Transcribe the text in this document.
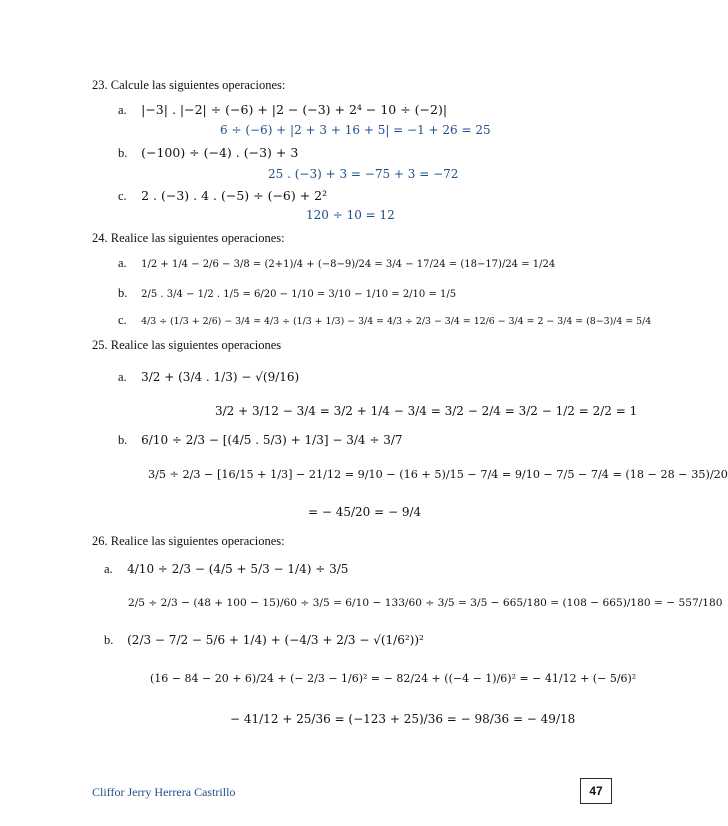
23. Calcule las siguientes operaciones:
a. |−3| . |−2| ÷ (−6) + |2 − (−3) + 2⁴ − 10 ÷ (−2)|
6 ÷ (−6) + |2 + 3 + 16 + 5| = −1 + 26 = 25
b. (−100) ÷ (−4) . (−3) + 3
25 . (−3) + 3 = −75 + 3 = −72
c. 2 . (−3) . 4 . (−5) ÷ (−6) + 2²
120 ÷ 10 = 12
24. Realice las siguientes operaciones:
a. 1/2 + 1/4 − 2/6 − 3/8 = (2+1)/4 + (−8−9)/24 = 3/4 − 17/24 = (18−17)/24 = 1/24
b. 2/5 . 3/4 − 1/2 . 1/5 = 6/20 − 1/10 = 3/10 − 1/10 = 2/10 = 1/5
c. 4/3 ÷ (1/3 + 2/6) − 3/4 = 4/3 ÷ (1/3 + 1/3) − 3/4 = 4/3 ÷ 2/3 − 3/4 = 12/6 − 3/4 = 2 − 3/4 = (8−3)/4 = 5/4
25. Realice las siguientes operaciones
a. 3/2 + (3/4 . 1/3) − √(9/16)
3/2 + 3/12 − 3/4 = 3/2 + 1/4 − 3/4 = 3/2 − 2/4 = 3/2 − 1/2 = 2/2 = 1
b. 6/10 ÷ 2/3 − [(4/5 . 5/3) + 1/3] − 3/4 ÷ 3/7
3/5 ÷ 2/3 − [16/15 + 1/3] − 21/12 = 9/10 − (16 + 5)/15 − 7/4 = 9/10 − 7/5 − 7/4 = (18 − 28 − 35)/20
= − 45/20 = − 9/4
26. Realice las siguientes operaciones:
a. 4/10 ÷ 2/3 − (4/5 + 5/3 − 1/4) ÷ 3/5
2/5 ÷ 2/3 − (48 + 100 − 15)/60 ÷ 3/5 = 6/10 − 133/60 ÷ 3/5 = 3/5 − 665/180 = (108 − 665)/180 = − 557/180
b. (2/3 − 7/2 − 5/6 + 1/4) + (−4/3 + 2/3 − √(1/6²))²
(16 − 84 − 20 + 6)/24 + (− 2/3 − 1/6)² = − 82/24 + ((−4 − 1)/6)² = − 41/12 + (− 5/6)²
− 41/12 + 25/36 = (−123 + 25)/36 = − 98/36 = − 49/18
Cliffor Jerry Herrera Castrillo	47
